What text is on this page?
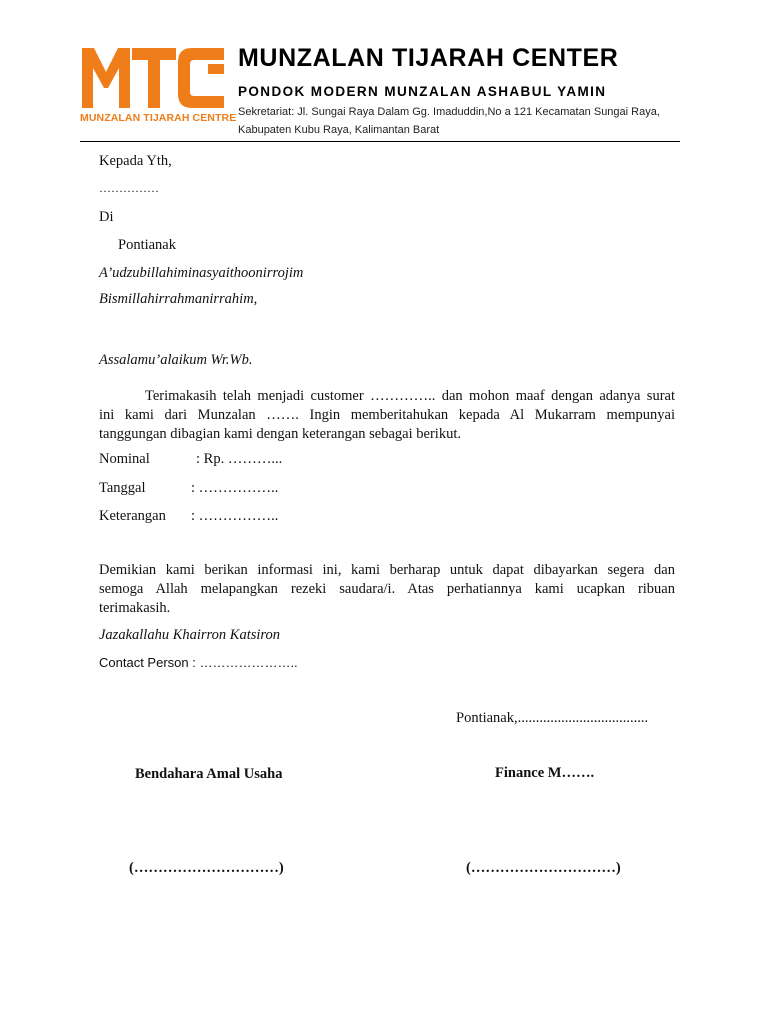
MUNZALAN TIJARAH CENTRE
MUNZALAN TIJARAH CENTER
PONDOK MODERN MUNZALAN ASHABUL YAMIN
Sekretariat: Jl. Sungai Raya Dalam Gg. Imaduddin,No a 121 Kecamatan Sungai Raya,
Kabupaten Kubu Raya, Kalimantan Barat
Kepada Yth,
……………
Di
Pontianak
A’udzubillahiminasyaithoonirrojim
Bismillahirrahmanirrahim,
Assalamu’alaikum Wr.Wb.
Terimakasih telah menjadi customer ………….. dan mohon maaf dengan adanya surat
ini kami dari Munzalan ……. Ingin memberitahukan kepada Al Mukarram mempunyai
tanggungan dibagian kami dengan keterangan sebagai berikut.
Nominal	: Rp. ………...
Tanggal	: ……………..
Keterangan : ……………..
Demikian kami berikan informasi ini, kami berharap untuk dapat dibayarkan segera dan
semoga Allah melapangkan rezeki saudara/i. Atas perhatiannya kami ucapkan ribuan
terimakasih.
Jazakallahu Khairron Katsiron
Contact Person : …………………..
Pontianak,....................................
Bendahara Amal Usaha	Finance M…….
(…………………………)	(…………………………)
